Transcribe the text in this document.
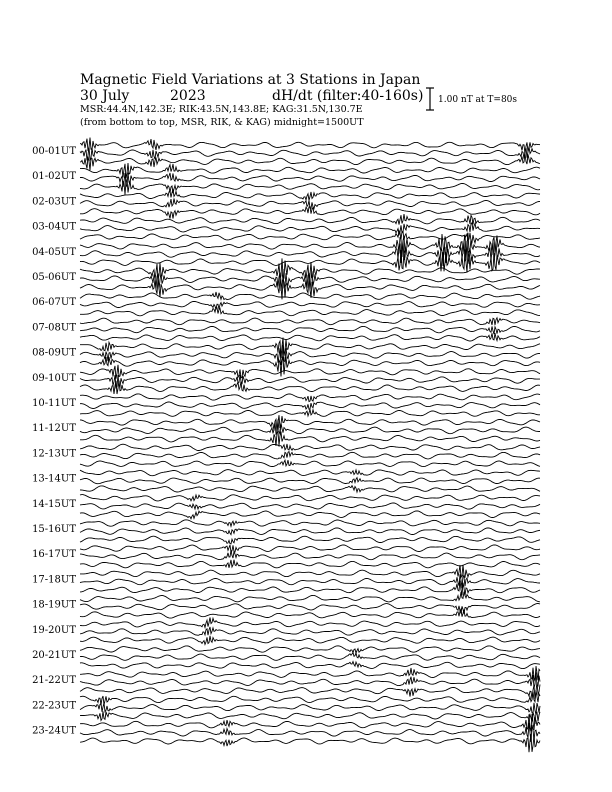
Magnetic Field Variations at 3 Stations in Japan

30 July	2023	dH/dt (filter:40-160s)

MSR:44.4N,142.3E; RIK:43.5N,143.8E; KAG:31.5N,130.7E

(from bottom to top, MSR, RIK, & KAG) midnight=1500UT

1.00 nT at T=80s

00-01UT
01-02UT
02-03UT
03-04UT
04-05UT
05-06UT
06-07UT
07-08UT
08-09UT
09-10UT
10-11UT
11-12UT
12-13UT
13-14UT
14-15UT
15-16UT
16-17UT
17-18UT
18-19UT
19-20UT
20-21UT
21-22UT
22-23UT
23-24UT
